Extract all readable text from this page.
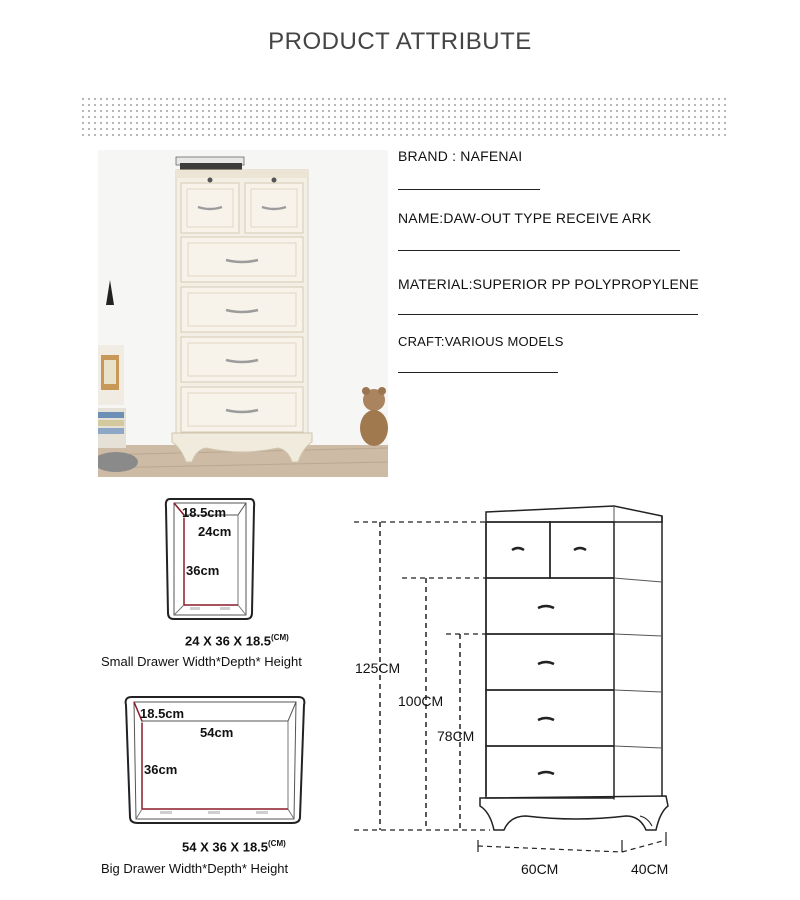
PRODUCT ATTRIBUTE
BRAND : NAFENAI
NAME:DAW-OUT TYPE RECEIVE ARK
MATERIAL:SUPERIOR PP POLYPROPYLENE
CRAFT:VARIOUS MODELS
18.5cm
24cm
36cm
24 X 36 X $18.5^{(CM)}$
Small Drawer Width*Depth* Height
18.5cm
54cm
36cm
54 X 36 X $18.5^{(CM)}$
Big Drawer Width*Depth* Height
125CM
100CM
78CM
60CM	40CM
